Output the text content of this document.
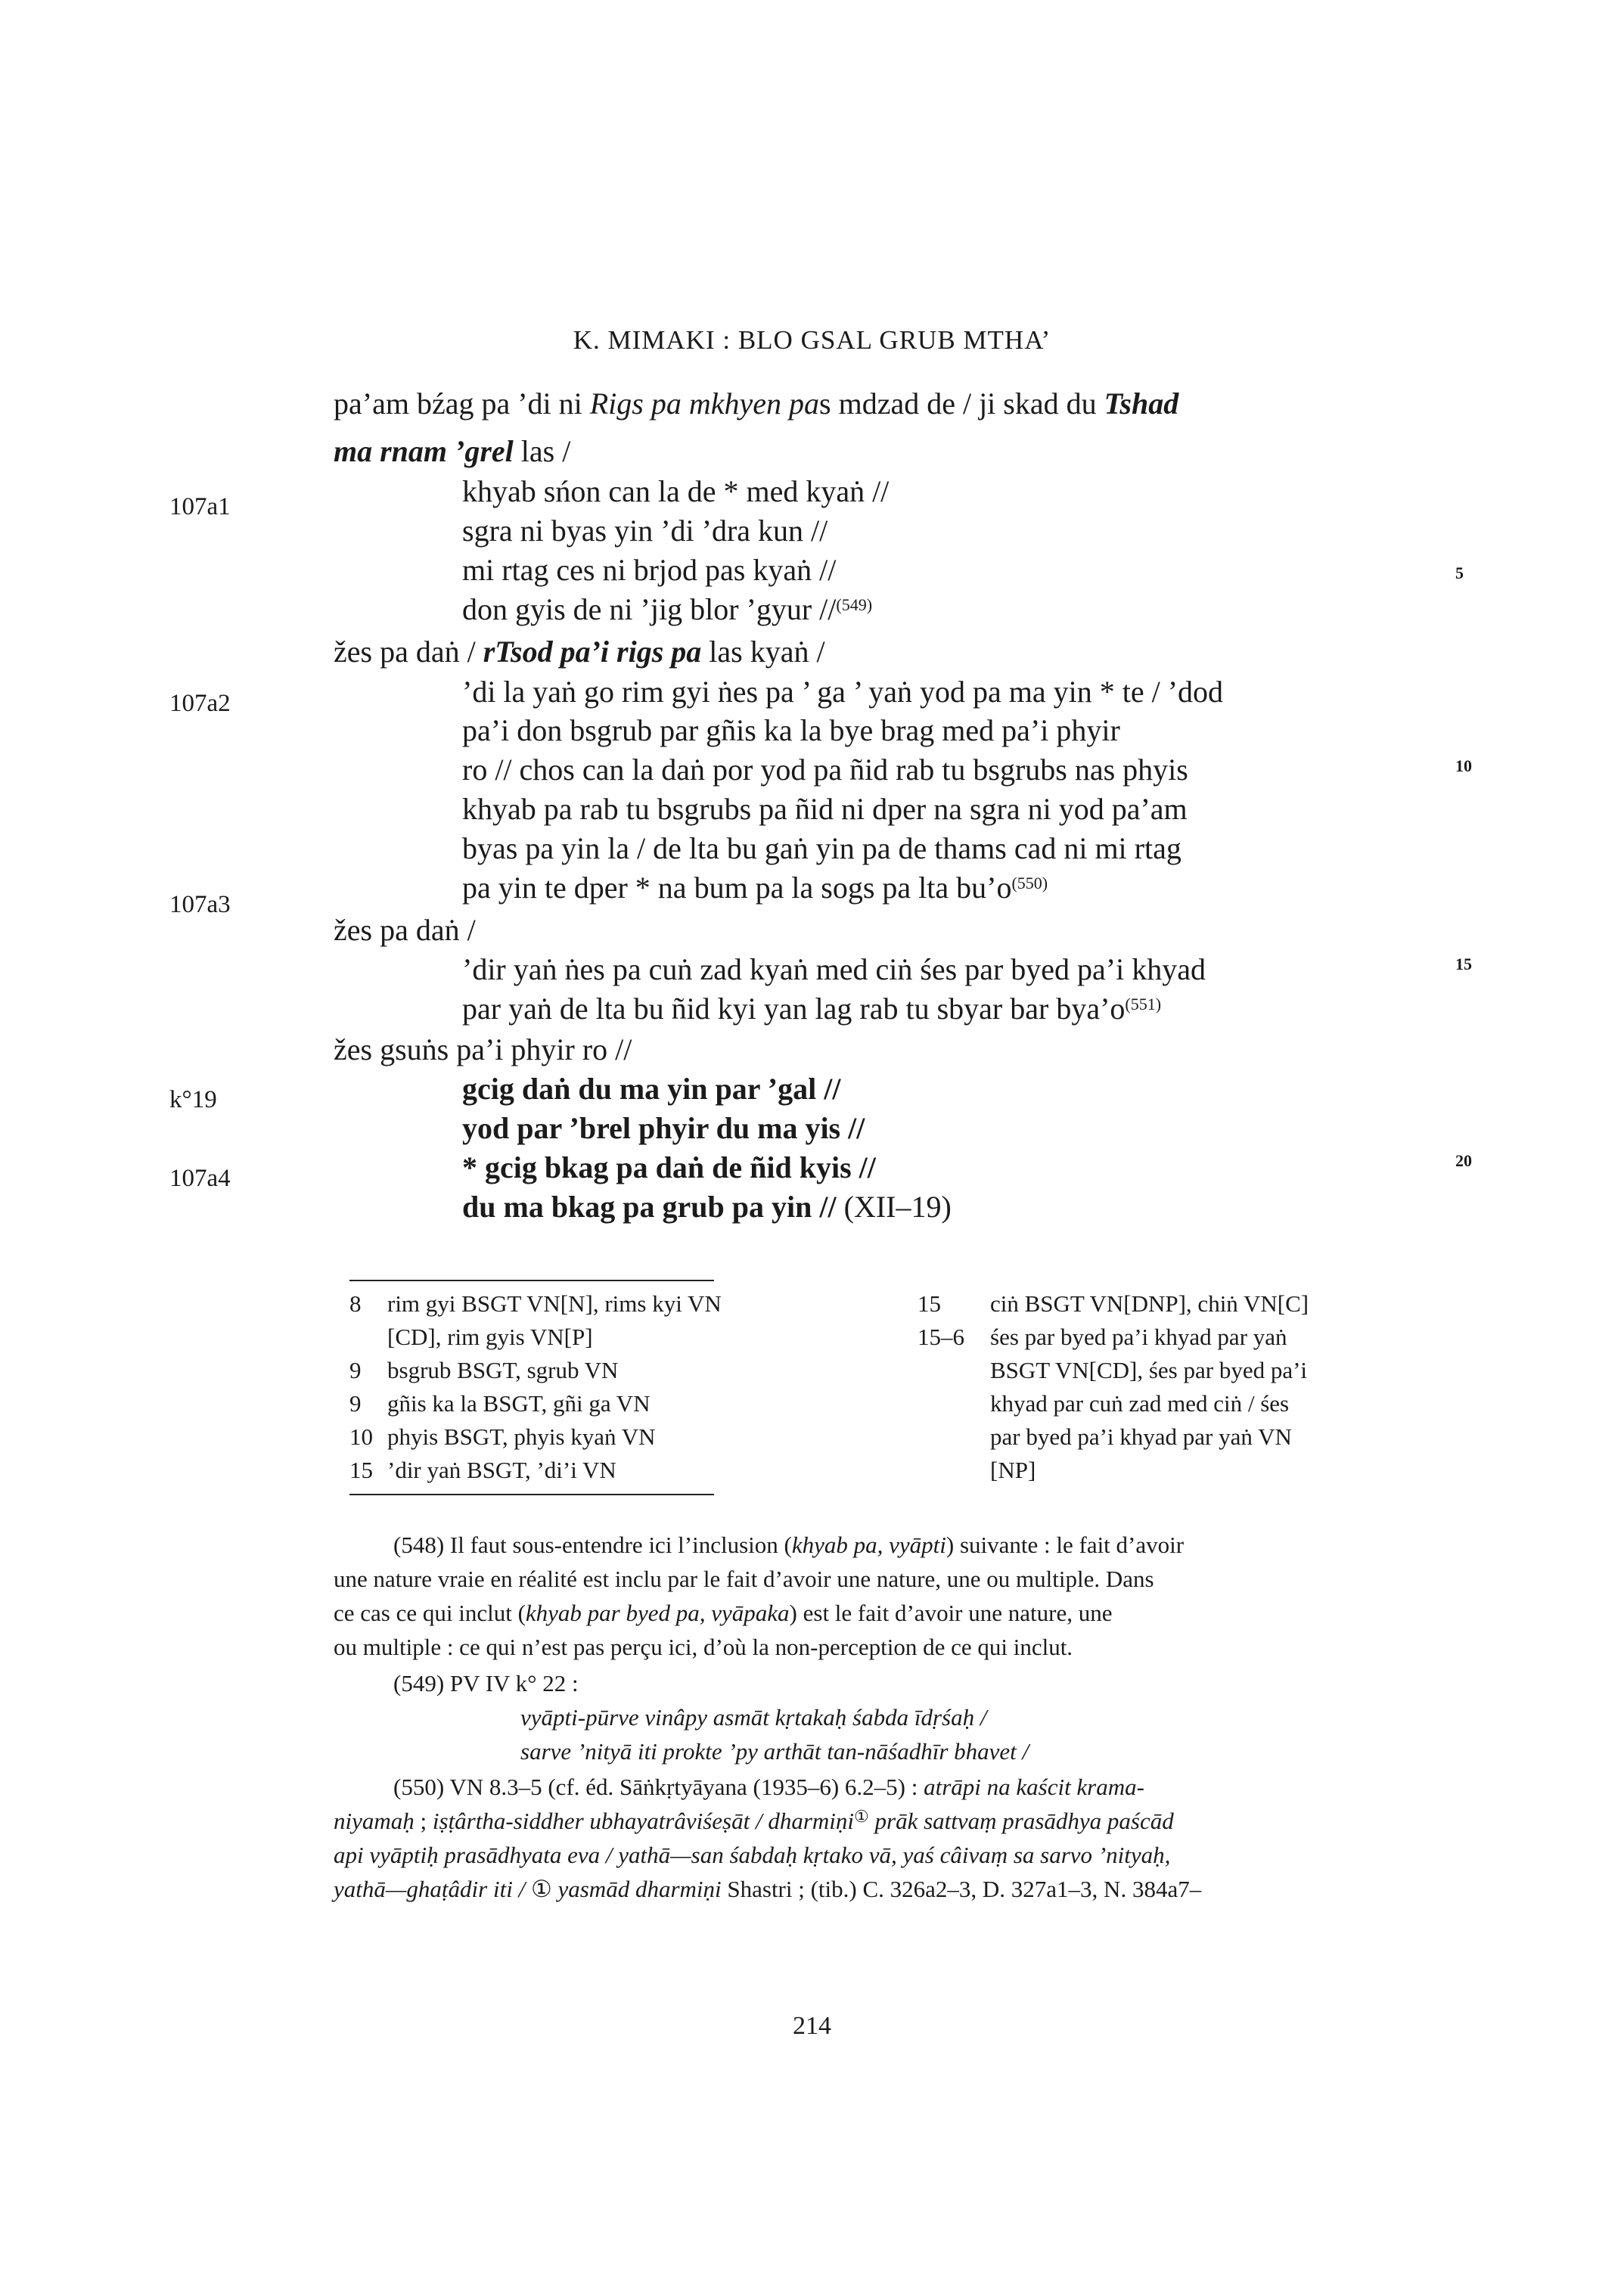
K. MIMAKI : BLO GSAL GRUB MTHA’
107a1
107a2
107a3
k°19
107a4
5
10
15
20
pa’am bźag pa ’di ni Rigs pa mkhyen pas mdzad de / ji skad du Tshad
ma rnam ’grel las /
khyab sńon can la de * med kyaṅ //
sgra ni byas yin ’di ’dra kun //
mi rtag ces ni brjod pas kyaṅ //
don gyis de ni ’jig blor ’gyur //$^{(549)}$
žes pa daṅ / rTsod pa’i rigs pa las kyaṅ /
’di la yaṅ go rim gyi ṅes pa ’ ga ’ yaṅ yod pa ma yin * te / ’dod
pa’i don bsgrub par gñis ka la bye brag med pa’i phyir
ro // chos can la daṅ por yod pa ñid rab tu bsgrubs nas phyis
khyab pa rab tu bsgrubs pa ñid ni dper na sgra ni yod pa’am
byas pa yin la / de lta bu gaṅ yin pa de thams cad ni mi rtag
pa yin te dper * na bum pa la sogs pa lta $bu’o^{(550)}$
žes pa daṅ /
’dir yaṅ ṅes pa cuṅ zad kyaṅ med ciṅ śes par byed pa’i khyad
par yaṅ de lta bu ñid kyi yan lag rab tu sbyar bar $bya’o^{(551)}$
žes gsuṅs pa’i phyir ro //
gcig daṅ du ma yin par ’gal //
yod par ’brel phyir du ma yis //
* gcig bkag pa daṅ de ñid kyis //
du ma bkag pa grub pa yin // (XII–19)
8 rim gyi BSGT VN[N], rims kyi VN
[CD], rim gyis VN[P]
9 bsgrub BSGT, sgrub VN
9 gñis ka la BSGT, gñi ga VN
10 phyis BSGT, phyis kyaṅ VN
15 ’dir yaṅ BSGT, ’di’i VN
15 ciṅ BSGT VN[DNP], chiṅ VN[C]
15–6 śes par byed pa’i khyad par yaṅ
BSGT VN[CD], śes par byed pa’i
khyad par cuṅ zad med ciṅ / śes
par byed pa’i khyad par yaṅ VN
[NP]
(548) Il faut sous-entendre ici l’inclusion (khyab pa, vyāpti) suivante : le fait d’avoir
une nature vraie en réalité est inclu par le fait d’avoir une nature, une ou multiple. Dans
ce cas ce qui inclut (khyab par byed pa, vyāpaka) est le fait d’avoir une nature, une
ou multiple : ce qui n’est pas perçu ici, d’où la non-perception de ce qui inclut.
(549) PV IV k° 22 :
vyāpti-pūrve vinâpy asmāt kṛtakaḥ śabda īdṛśaḥ /
sarve ’nityā iti prokte ’py arthāt tan-nāśadhīr bhavet /
(550) VN 8.3–5 (cf. éd. Sāṅkṛtyāyana (1935–6) 6.2–5) : atrāpi na kaścit krama-
niyamaḥ ; iṣṭârtha-siddher ubhayatrâviśeṣāt / dharmiṇi① prāk sattvaṃ prasādhya paścād
api vyāptiḥ prasādhyata eva / yathā—san śabdaḥ kṛtako vā, yaś câivaṃ sa sarvo ’nityaḥ,
yathā—ghaṭâdir iti / ① yasmād dharmiṇi Shastri ; (tib.) C. 326a2–3, D. 327a1–3, N. 384a7–
214
